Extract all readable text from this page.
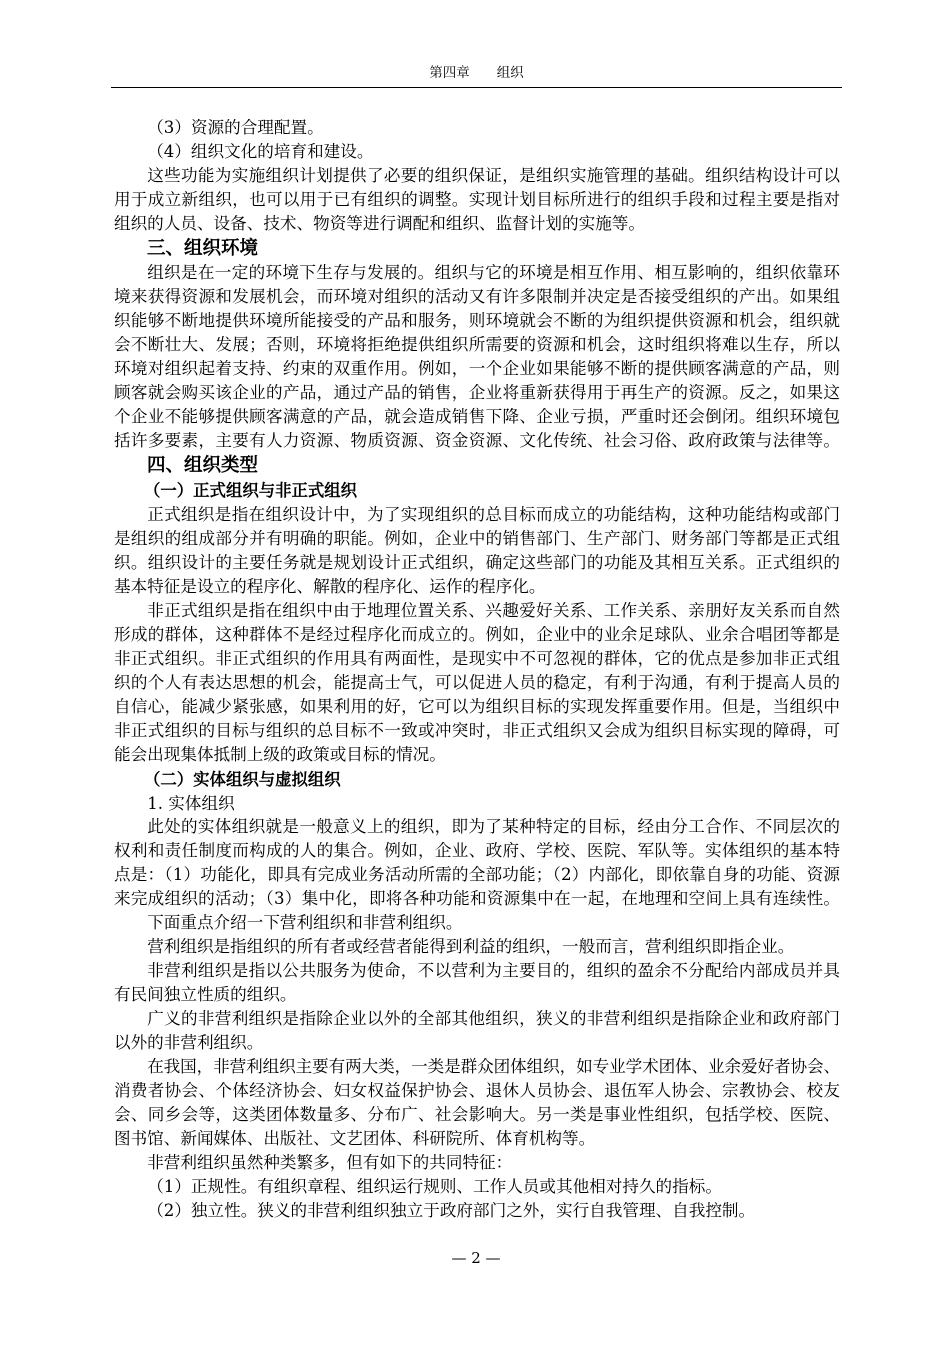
第四章　　组织
（3）资源的合理配置。
（4）组织文化的培育和建设。
这些功能为实施组织计划提供了必要的组织保证，是组织实施管理的基础。组织结构设计可以
用于成立新组织，也可以用于已有组织的调整。实现计划目标所进行的组织手段和过程主要是指对
组织的人员、设备、技术、物资等进行调配和组织、监督计划的实施等。
三、组织环境
组织是在一定的环境下生存与发展的。组织与它的环境是相互作用、相互影响的，组织依靠环
境来获得资源和发展机会，而环境对组织的活动又有许多限制并决定是否接受组织的产出。如果组
织能够不断地提供环境所能接受的产品和服务，则环境就会不断的为组织提供资源和机会，组织就
会不断壮大、发展；否则，环境将拒绝提供组织所需要的资源和机会，这时组织将难以生存，所以
环境对组织起着支持、约束的双重作用。例如，一个企业如果能够不断的提供顾客满意的产品，则
顾客就会购买该企业的产品，通过产品的销售，企业将重新获得用于再生产的资源。反之，如果这
个企业不能够提供顾客满意的产品，就会造成销售下降、企业亏损，严重时还会倒闭。组织环境包
括许多要素，主要有人力资源、物质资源、资金资源、文化传统、社会习俗、政府政策与法律等。
四、组织类型
（一）正式组织与非正式组织
正式组织是指在组织设计中，为了实现组织的总目标而成立的功能结构，这种功能结构或部门
是组织的组成部分并有明确的职能。例如，企业中的销售部门、生产部门、财务部门等都是正式组
织。组织设计的主要任务就是规划设计正式组织，确定这些部门的功能及其相互关系。正式组织的
基本特征是设立的程序化、解散的程序化、运作的程序化。
非正式组织是指在组织中由于地理位置关系、兴趣爱好关系、工作关系、亲朋好友关系而自然
形成的群体，这种群体不是经过程序化而成立的。例如，企业中的业余足球队、业余合唱团等都是
非正式组织。非正式组织的作用具有两面性，是现实中不可忽视的群体，它的优点是参加非正式组
织的个人有表达思想的机会，能提高士气，可以促进人员的稳定，有利于沟通，有利于提高人员的
自信心，能减少紧张感，如果利用的好，它可以为组织目标的实现发挥重要作用。但是，当组织中
非正式组织的目标与组织的总目标不一致或冲突时，非正式组织又会成为组织目标实现的障碍，可
能会出现集体抵制上级的政策或目标的情况。
（二）实体组织与虚拟组织
1. 实体组织
此处的实体组织就是一般意义上的组织，即为了某种特定的目标，经由分工合作、不同层次的
权利和责任制度而构成的人的集合。例如，企业、政府、学校、医院、军队等。实体组织的基本特
点是：（1）功能化，即具有完成业务活动所需的全部功能；（2）内部化，即依靠自身的功能、资源
来完成组织的活动；（3）集中化，即将各种功能和资源集中在一起，在地理和空间上具有连续性。
下面重点介绍一下营利组织和非营利组织。
营利组织是指组织的所有者或经营者能得到利益的组织，一般而言，营利组织即指企业。
非营利组织是指以公共服务为使命，不以营利为主要目的，组织的盈余不分配给内部成员并具
有民间独立性质的组织。
广义的非营利组织是指除企业以外的全部其他组织，狭义的非营利组织是指除企业和政府部门
以外的非营利组织。
在我国，非营利组织主要有两大类，一类是群众团体组织，如专业学术团体、业余爱好者协会、
消费者协会、个体经济协会、妇女权益保护协会、退休人员协会、退伍军人协会、宗教协会、校友
会、同乡会等，这类团体数量多、分布广、社会影响大。另一类是事业性组织，包括学校、医院、
图书馆、新闻媒体、出版社、文艺团体、科研院所、体育机构等。
非营利组织虽然种类繁多，但有如下的共同特征：
（1）正规性。有组织章程、组织运行规则、工作人员或其他相对持久的指标。
（2）独立性。狭义的非营利组织独立于政府部门之外，实行自我管理、自我控制。
— 2 —
